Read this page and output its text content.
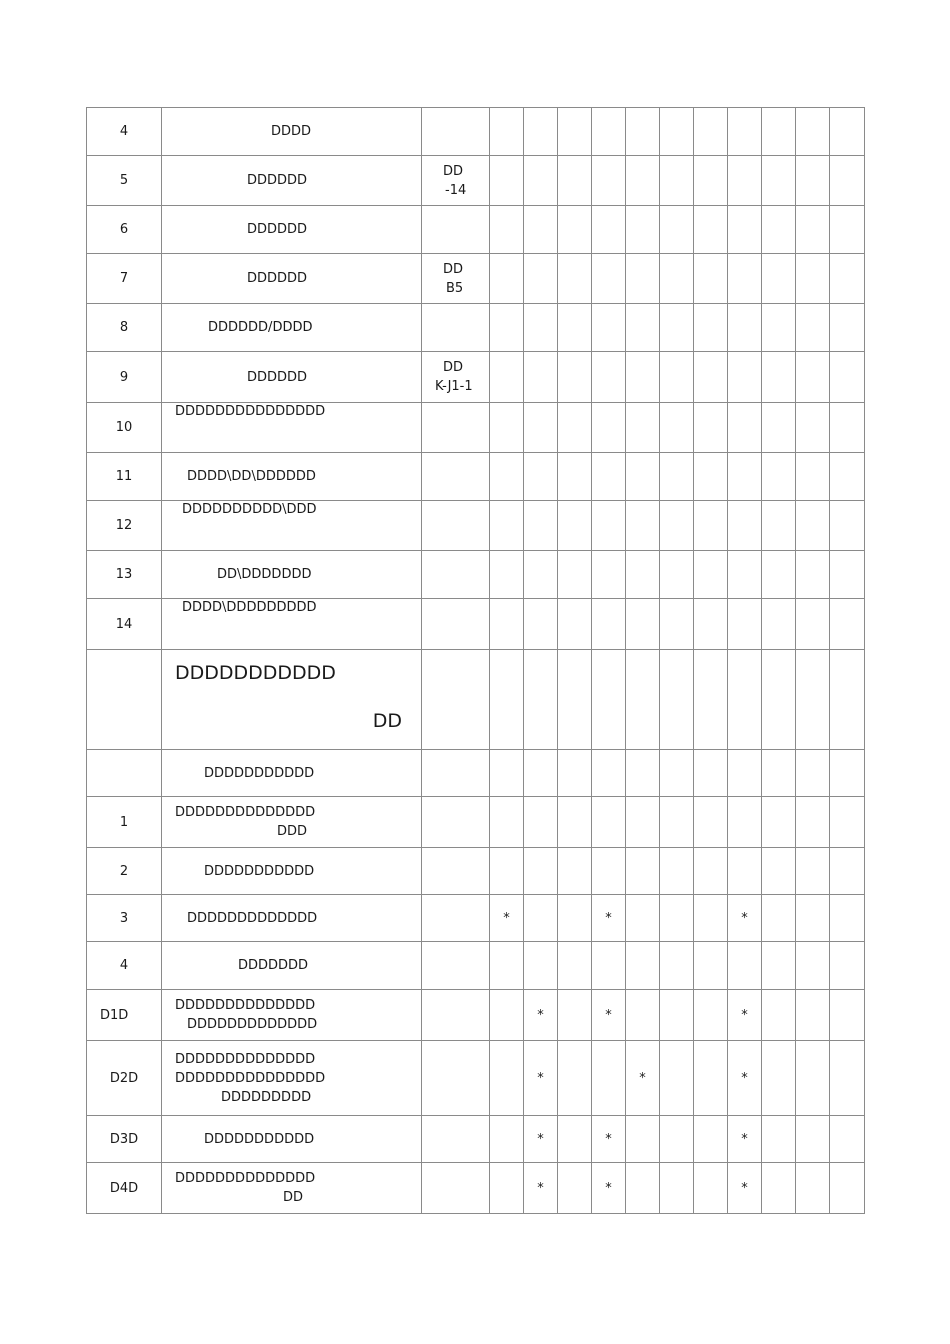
4	DDDD												

5	DDDDDD	DD
-14											

6	DDDDDD												

7	DDDDDD	DD
B5											

8	DDDDDD/DDDD												

9	DDDDDD	DD
K-J1-1											

10	DDDDDDDDDDDDDDD												

11	DDDD\DD\DDDDDD												

12	DDDDDDDDDD\DDD												

13	DD\DDDDDDD												

14	DDDD\DDDDDDDDD												

	DDDDDDDDDDD
DD												

	DDDDDDDDDDD												

1	DDDDDDDDDDDDDD
DDD												

2	DDDDDDDDDDD												

3	DDDDDDDDDDDDD		*			*				*			
4	DDDDDDD												

D1D	DDDDDDDDDDDDDD
DDDDDDDDDDDDD			*		*				*			
D2D	DDDDDDDDDDDDDD
DDDDDDDDDDDDDDD
DDDDDDDDD			*			*			*			
D3D	DDDDDDDDDDD			*		*				*			
D4D	DDDDDDDDDDDDDD
DD			*		*				*			
